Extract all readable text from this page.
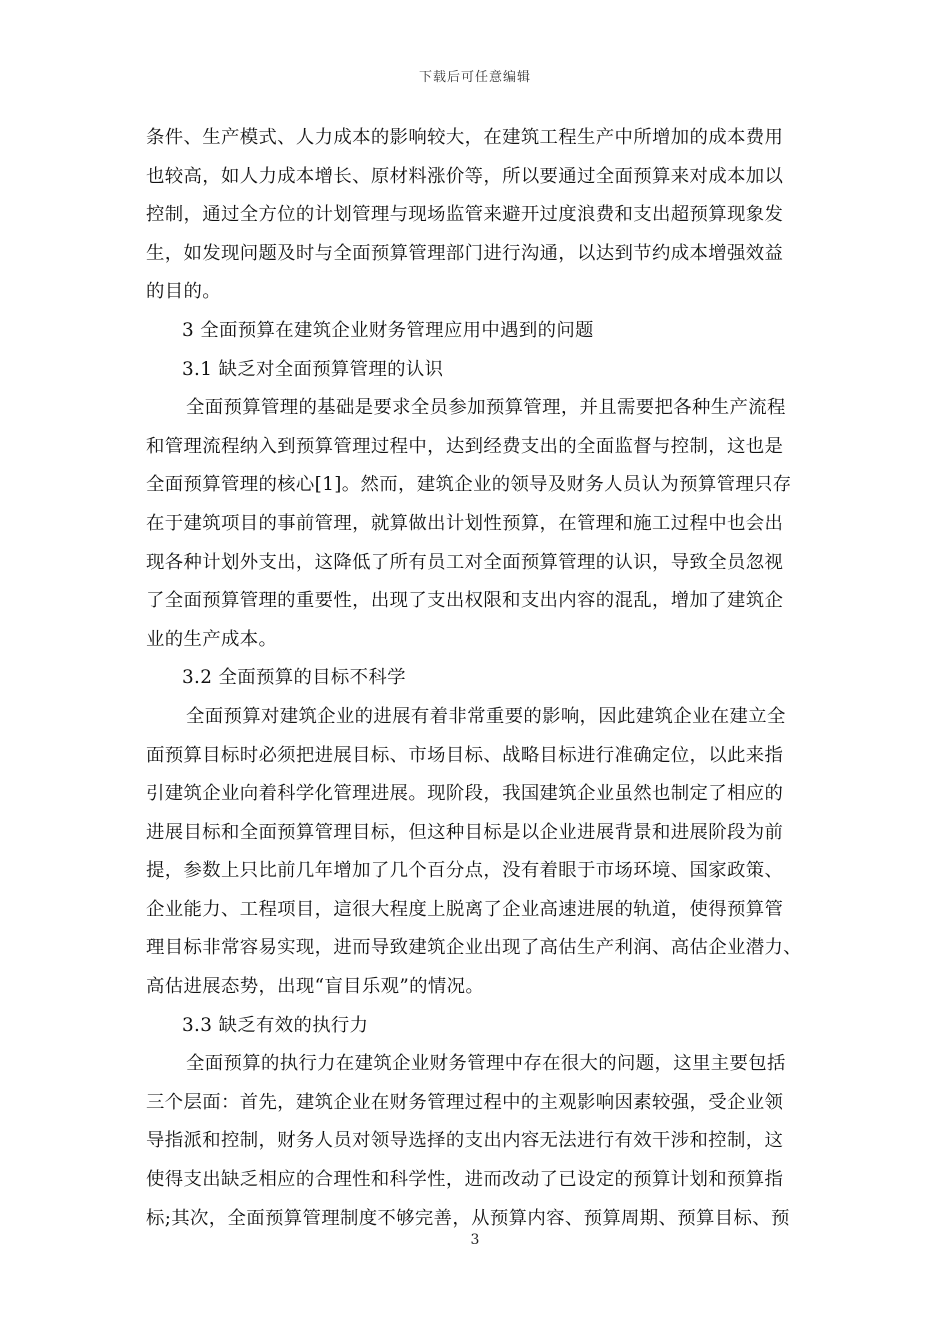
下载后可任意编辑
条件、生产模式、人力成本的影响较大，在建筑工程生产中所增加的成本费用
也较高，如人力成本增长、原材料涨价等，所以要通过全面预算来对成本加以
控制，通过全方位的计划管理与现场监管来避开过度浪费和支出超预算现象发
生，如发现问题及时与全面预算管理部门进行沟通，以达到节约成本增强效益
的目的。
3 全面预算在建筑企业财务管理应用中遇到的问题
3.1 缺乏对全面预算管理的认识
全面预算管理的基础是要求全员参加预算管理，并且需要把各种生产流程
和管理流程纳入到预算管理过程中，达到经费支出的全面监督与控制，这也是
全面预算管理的核心[1]。然而，建筑企业的领导及财务人员认为预算管理只存
在于建筑项目的事前管理，就算做出计划性预算，在管理和施工过程中也会出
现各种计划外支出，这降低了所有员工对全面预算管理的认识，导致全员忽视
了全面预算管理的重要性，出现了支出权限和支出内容的混乱，增加了建筑企
业的生产成本。
3.2 全面预算的目标不科学
全面预算对建筑企业的进展有着非常重要的影响，因此建筑企业在建立全
面预算目标时必须把进展目标、市场目标、战略目标进行准确定位，以此来指
引建筑企业向着科学化管理进展。现阶段，我国建筑企业虽然也制定了相应的
进展目标和全面预算管理目标，但这种目标是以企业进展背景和进展阶段为前
提，参数上只比前几年增加了几个百分点，没有着眼于市场环境、国家政策、
企业能力、工程项目，這很大程度上脱离了企业高速进展的轨道，使得预算管
理目标非常容易实现，进而导致建筑企业出现了高估生产利润、高估企业潜力、
高估进展态势，出现“盲目乐观”的情况。
3.3 缺乏有效的执行力
全面预算的执行力在建筑企业财务管理中存在很大的问题，这里主要包括
三个层面：首先，建筑企业在财务管理过程中的主观影响因素较强，受企业领
导指派和控制，财务人员对领导选择的支出内容无法进行有效干涉和控制，这
使得支出缺乏相应的合理性和科学性，进而改动了已设定的预算计划和预算指
标;其次，全面预算管理制度不够完善，从预算内容、预算周期、预算目标、预
3
